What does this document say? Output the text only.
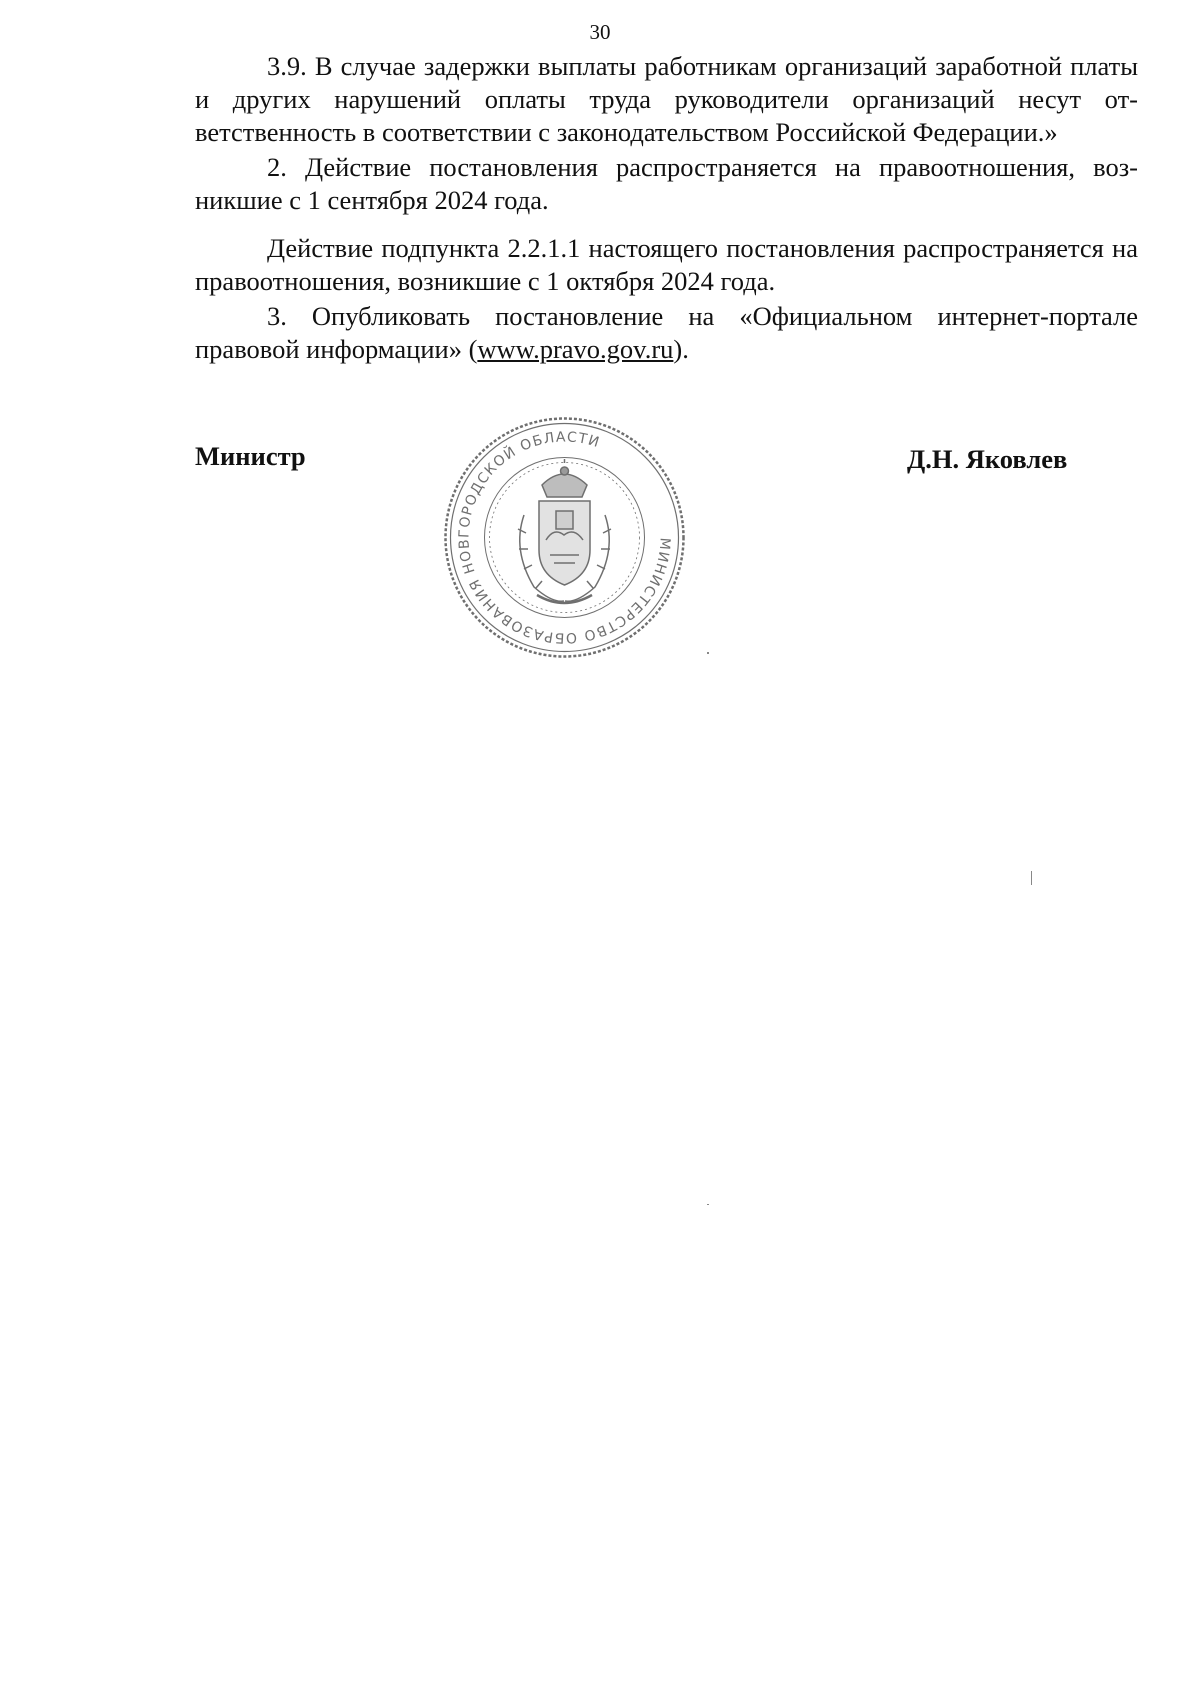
30

3.9. В случае задержки выплаты работникам организаций заработной платы и других нарушений оплаты труда руководители организаций несут ответственность в соответствии с законодательством Российской Федерации.»

2. Действие постановления распространяется на правоотношения, возникшие с 1 сентября 2024 года.

Действие подпункта 2.2.1.1 настоящего постановления распространяется на правоотношения, возникшие с 1 октября 2024 года.

3. Опубликовать постановление на «Официальном интернет-портале правовой информации» (www.pravo.gov.ru).

Министр	Д.Н. Яковлев
МИНИСТЕРСТВО ОБРАЗОВАНИЯ НОВГОРОДСКОЙ ОБЛАСТИ
